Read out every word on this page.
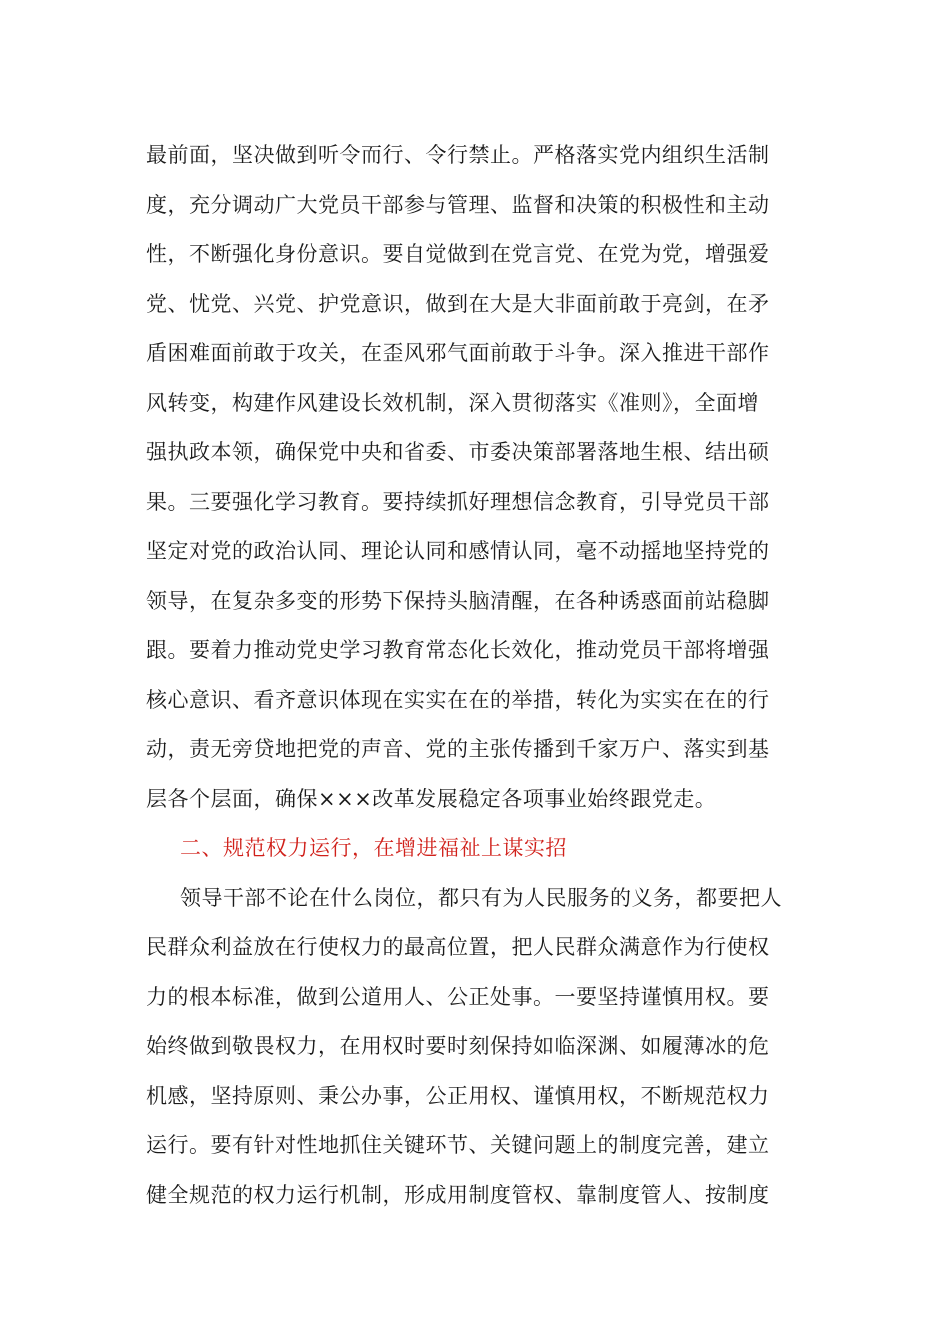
最前面，坚决做到听令而行、令行禁止。严格落实党内组织生活制
度，充分调动广大党员干部参与管理、监督和决策的积极性和主动
性，不断强化身份意识。要自觉做到在党言党、在党为党，增强爱
党、忧党、兴党、护党意识，做到在大是大非面前敢于亮剑，在矛
盾困难面前敢于攻关，在歪风邪气面前敢于斗争。深入推进干部作
风转变，构建作风建设长效机制，深入贯彻落实《准则》，全面增
强执政本领，确保党中央和省委、市委决策部署落地生根、结出硕
果。三要强化学习教育。要持续抓好理想信念教育，引导党员干部
坚定对党的政治认同、理论认同和感情认同，毫不动摇地坚持党的
领导，在复杂多变的形势下保持头脑清醒，在各种诱惑面前站稳脚
跟。要着力推动党史学习教育常态化长效化，推动党员干部将增强
核心意识、看齐意识体现在实实在在的举措，转化为实实在在的行
动，责无旁贷地把党的声音、党的主张传播到千家万户、落实到基
层各个层面，确保×××改革发展稳定各项事业始终跟党走。
二、规范权力运行，在增进福祉上谋实招
领导干部不论在什么岗位，都只有为人民服务的义务，都要把人
民群众利益放在行使权力的最高位置，把人民群众满意作为行使权
力的根本标准，做到公道用人、公正处事。一要坚持谨慎用权。要
始终做到敬畏权力，在用权时要时刻保持如临深渊、如履薄冰的危
机感，坚持原则、秉公办事，公正用权、谨慎用权，不断规范权力
运行。要有针对性地抓住关键环节、关键问题上的制度完善，建立
健全规范的权力运行机制，形成用制度管权、靠制度管人、按制度
